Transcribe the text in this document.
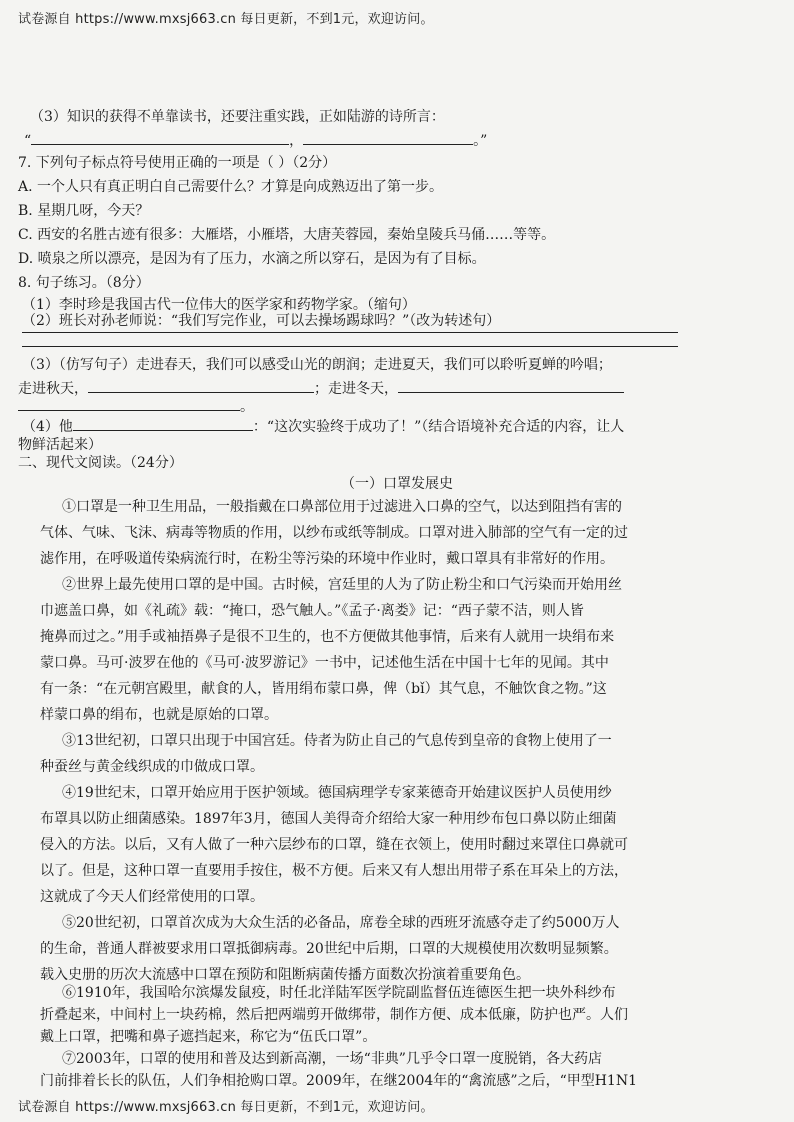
试卷源自 https://www.mxsj663.cn 每日更新，不到1元，欢迎访问。
（3）知识的获得不单靠读书，还要注重实践，正如陆游的诗所言：
“	，	。”
7. 下列句子标点符号使用正确的一项是（ ）（2分）
A. 一个人只有真正明白自己需要什么？才算是向成熟迈出了第一步。
B. 星期几呀，今天？
C. 西安的名胜古迹有很多：大雁塔，小雁塔，大唐芙蓉园，秦始皇陵兵马俑……等等。
D. 喷泉之所以漂亮，是因为有了压力，水滴之所以穿石，是因为有了目标。
8. 句子练习。（8分）
（1）李时珍是我国古代一位伟大的医学家和药物学家。（缩句）
（2）班长对孙老师说：“我们写完作业，可以去操场踢球吗？”（改为转述句）
（3）（仿写句子）走进春天，我们可以感受山光的朗润；走进夏天，我们可以聆听夏蝉的吟唱；
走进秋天，	；走进冬天，
。
（4）他	：“这次实验终于成功了！”（结合语境补充合适的内容，让人
物鲜活起来）
二、现代文阅读。（24分）
（一）口罩发展史
①口罩是一种卫生用品，一般指戴在口鼻部位用于过滤进入口鼻的空气，以达到阻挡有害的
气体、气味、飞沫、病毒等物质的作用，以纱布或纸等制成。口罩对进入肺部的空气有一定的过
滤作用，在呼吸道传染病流行时，在粉尘等污染的环境中作业时，戴口罩具有非常好的作用。
②世界上最先使用口罩的是中国。古时候，宫廷里的人为了防止粉尘和口气污染而开始用丝
巾遮盖口鼻，如《礼疏》载：“掩口，恐气触人。”《孟子·离娄》记：“西子蒙不洁，则人皆
掩鼻而过之。”用手或袖捂鼻子是很不卫生的，也不方便做其他事情，后来有人就用一块绢布来
蒙口鼻。马可·波罗在他的《马可·波罗游记》一书中，记述他生活在中国十七年的见闻。其中
有一条：“在元朝宫殿里，献食的人，皆用绢布蒙口鼻，俾（bǐ）其气息，不触饮食之物。”这
样蒙口鼻的绢布，也就是原始的口罩。
③13世纪初，口罩只出现于中国宫廷。侍者为防止自己的气息传到皇帝的食物上使用了一
种蚕丝与黄金线织成的巾做成口罩。
④19世纪末，口罩开始应用于医护领域。德国病理学专家莱德奇开始建议医护人员使用纱
布罩具以防止细菌感染。1897年3月，德国人美得奇介绍给大家一种用纱布包口鼻以防止细菌
侵入的方法。以后，又有人做了一种六层纱布的口罩，缝在衣领上，使用时翻过来罩住口鼻就可
以了。但是，这种口罩一直要用手按住，极不方便。后来又有人想出用带子系在耳朵上的方法，
这就成了今天人们经常使用的口罩。
⑤20世纪初，口罩首次成为大众生活的必备品，席卷全球的西班牙流感夺走了约5000万人
的生命，普通人群被要求用口罩抵御病毒。20世纪中后期，口罩的大规模使用次数明显频繁。
载入史册的历次大流感中口罩在预防和阻断病菌传播方面数次扮演着重要角色。
⑥1910年，我国哈尔滨爆发鼠疫，时任北洋陆军医学院副监督伍连德医生把一块外科纱布
折叠起来，中间村上一块药棉，然后把两端剪开做绑带，制作方便、成本低廉，防护也严。人们
戴上口罩，把嘴和鼻子遮挡起来，称它为“伍氏口罩”。
⑦2003年，口罩的使用和普及达到新高潮，一场“非典”几乎令口罩一度脱销，各大药店
门前排着长长的队伍，人们争相抢购口罩。2009年，在继2004年的“禽流感”之后，“甲型H1N1
试卷源自 https://www.mxsj663.cn 每日更新，不到1元，欢迎访问。
